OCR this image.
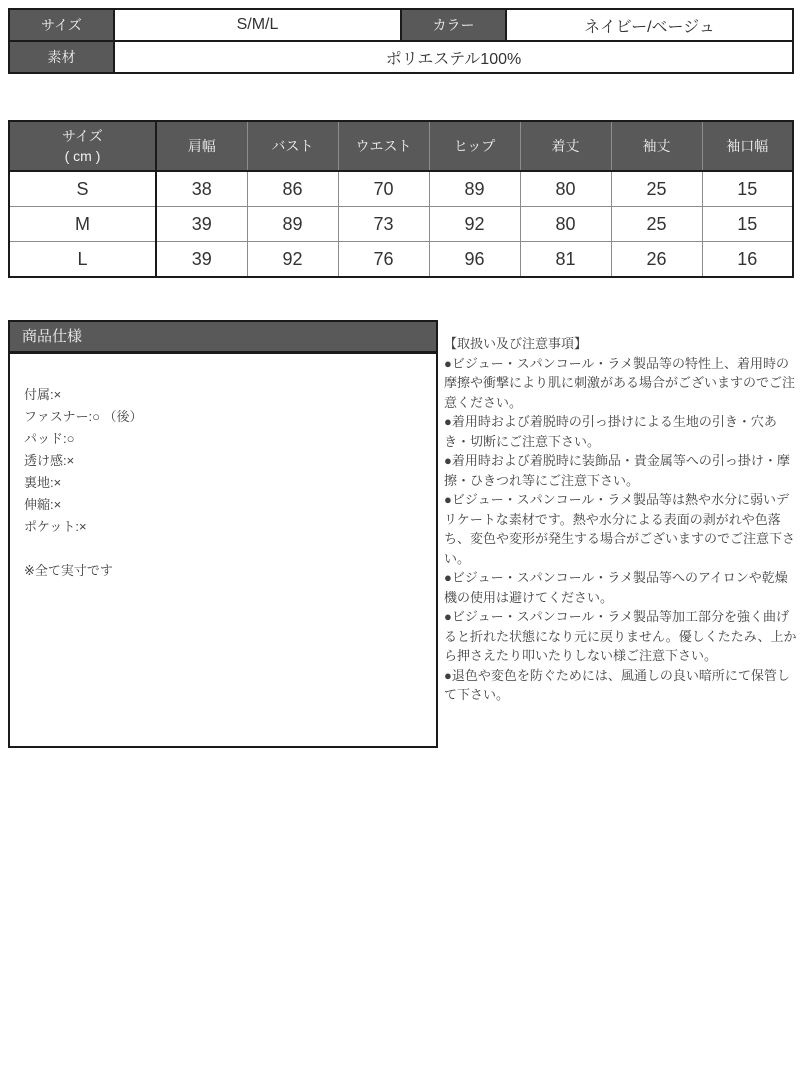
サイズ	S/M/L	カラー	ネイビー/ベージュ
素材	ポリエステル100%		
サイズ
( cm )	肩幅	バスト	ウエスト	ヒップ	着丈	袖丈	袖口幅
S	38	86	70	89	80	25	15
M	39	89	73	92	80	25	15
L	39	92	76	96	81	26	16
商品仕様
付属:×
ファスナー:○ （後）
パッド:○
透け感:×
裏地:×
伸縮:×
ポケット:×
※全て実寸です
【取扱い及び注意事項】
●ビジュー・スパンコール・ラメ製品等の特性上、着用時の摩擦や衝撃により肌に刺激がある場合がございますのでご注意ください。
●着用時および着脱時の引っ掛けによる生地の引き・穴あき・切断にご注意下さい。
●着用時および着脱時に装飾品・貴金属等への引っ掛け・摩擦・ひきつれ等にご注意下さい。
●ビジュー・スパンコール・ラメ製品等は熱や水分に弱いデリケートな素材です。熱や水分による表面の剥がれや色落ち、変色や変形が発生する場合がございますのでご注意下さい。
●ビジュー・スパンコール・ラメ製品等へのアイロンや乾燥機の使用は避けてください。
●ビジュー・スパンコール・ラメ製品等加工部分を強く曲げると折れた状態になり元に戻りません。優しくたたみ、上から押さえたり叩いたりしない様ご注意下さい。
●退色や変色を防ぐためには、風通しの良い暗所にて保管して下さい。
